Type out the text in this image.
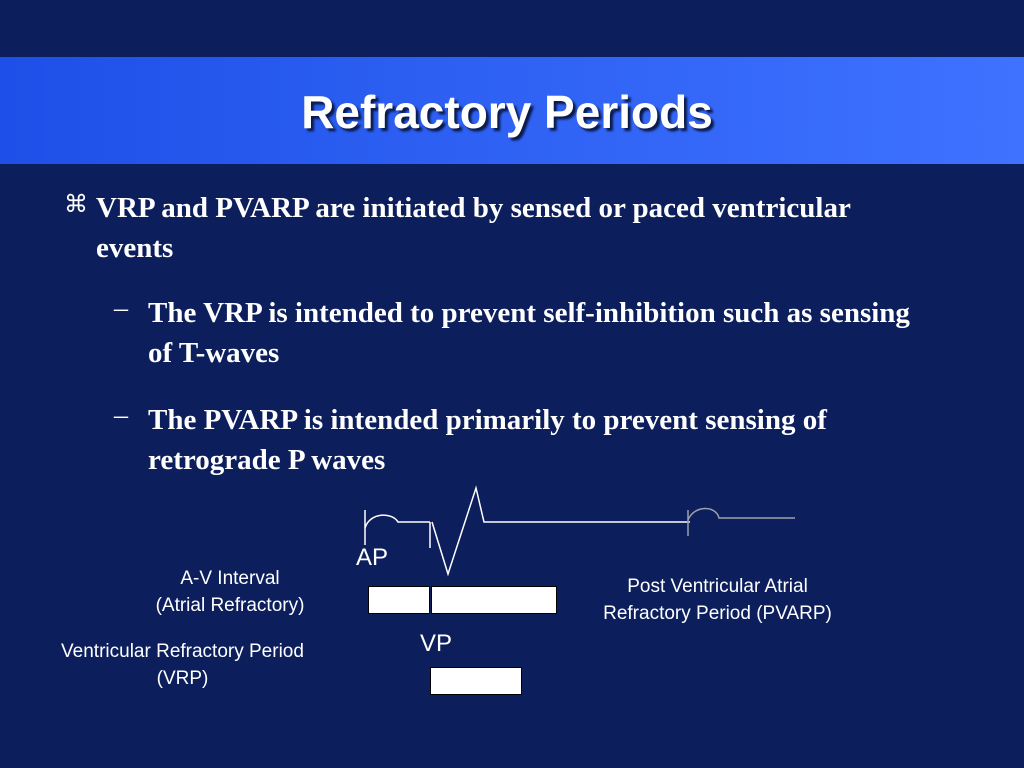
Refractory Periods
⌘ VRP and PVARP are initiated by sensed or paced ventricular events
– The VRP is intended to prevent self-inhibition such as sensing of T-waves
– The PVARP is intended primarily to prevent sensing of retrograde P waves
AP
VP
A-V Interval
(Atrial Refractory)
Ventricular Refractory Period
(VRP)
Post Ventricular Atrial
Refractory Period (PVARP)
